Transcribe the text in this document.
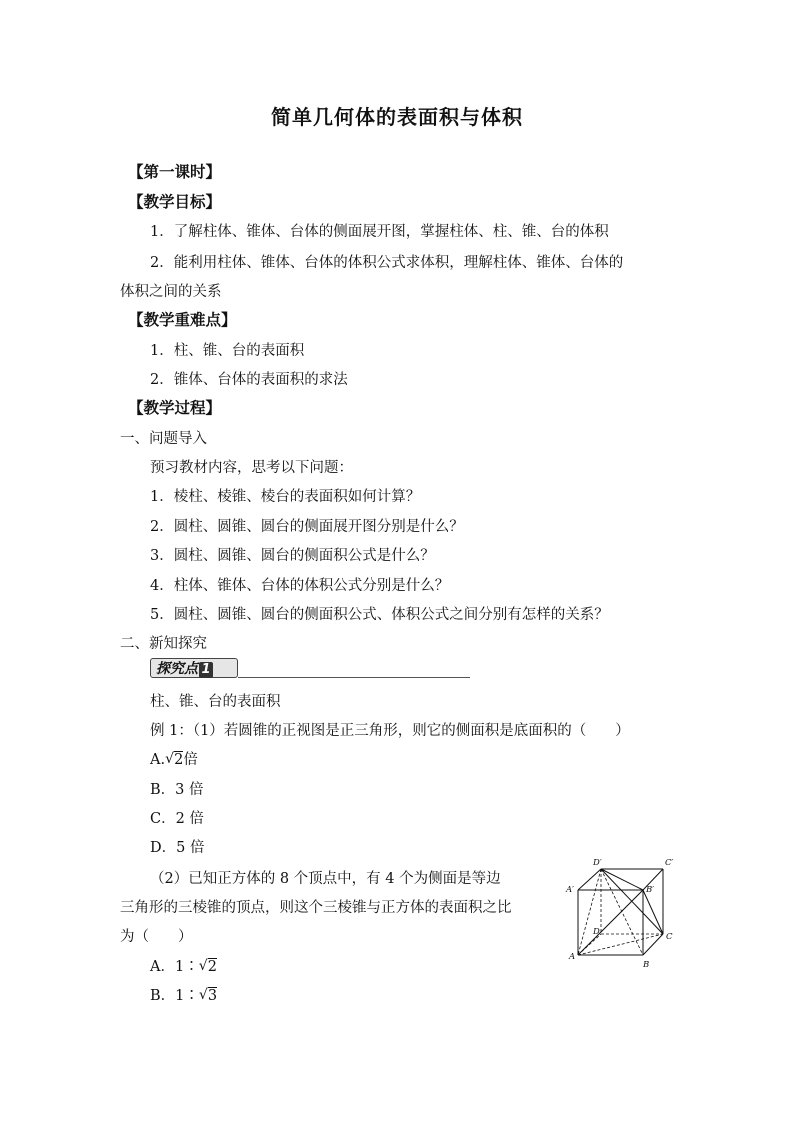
简单几何体的表面积与体积
【第一课时】
【教学目标】
1．了解柱体、锥体、台体的侧面展开图，掌握柱体、柱、锥、台的体积
2．能利用柱体、锥体、台体的体积公式求体积，理解柱体、锥体、台体的
体积之间的关系
【教学重难点】
1．柱、锥、台的表面积
2．锥体、台体的表面积的求法
【教学过程】
一、问题导入
预习教材内容，思考以下问题：
1．棱柱、棱锥、棱台的表面积如何计算？
2．圆柱、圆锥、圆台的侧面展开图分别是什么？
3．圆柱、圆锥、圆台的侧面积公式是什么？
4．柱体、锥体、台体的体积公式分别是什么？
5．圆柱、圆锥、圆台的侧面积公式、体积公式之间分别有怎样的关系？
二、新知探究
探究点 1
柱、锥、台的表面积
例 1：（1）若圆锥的正视图是正三角形，则它的侧面积是底面积的（　　）
A. √ 2倍
B．3 倍
C．2 倍
D．5 倍
（2）已知正方体的 8 个顶点中，有 4 个为侧面是等边
三角形的三棱锥的顶点，则这个三棱锥与正方体的表面积之比
为（　　）
A．1∶ √ 2
B．1∶ √ 3
D′	C′
A′	B′
D	C
A
B
